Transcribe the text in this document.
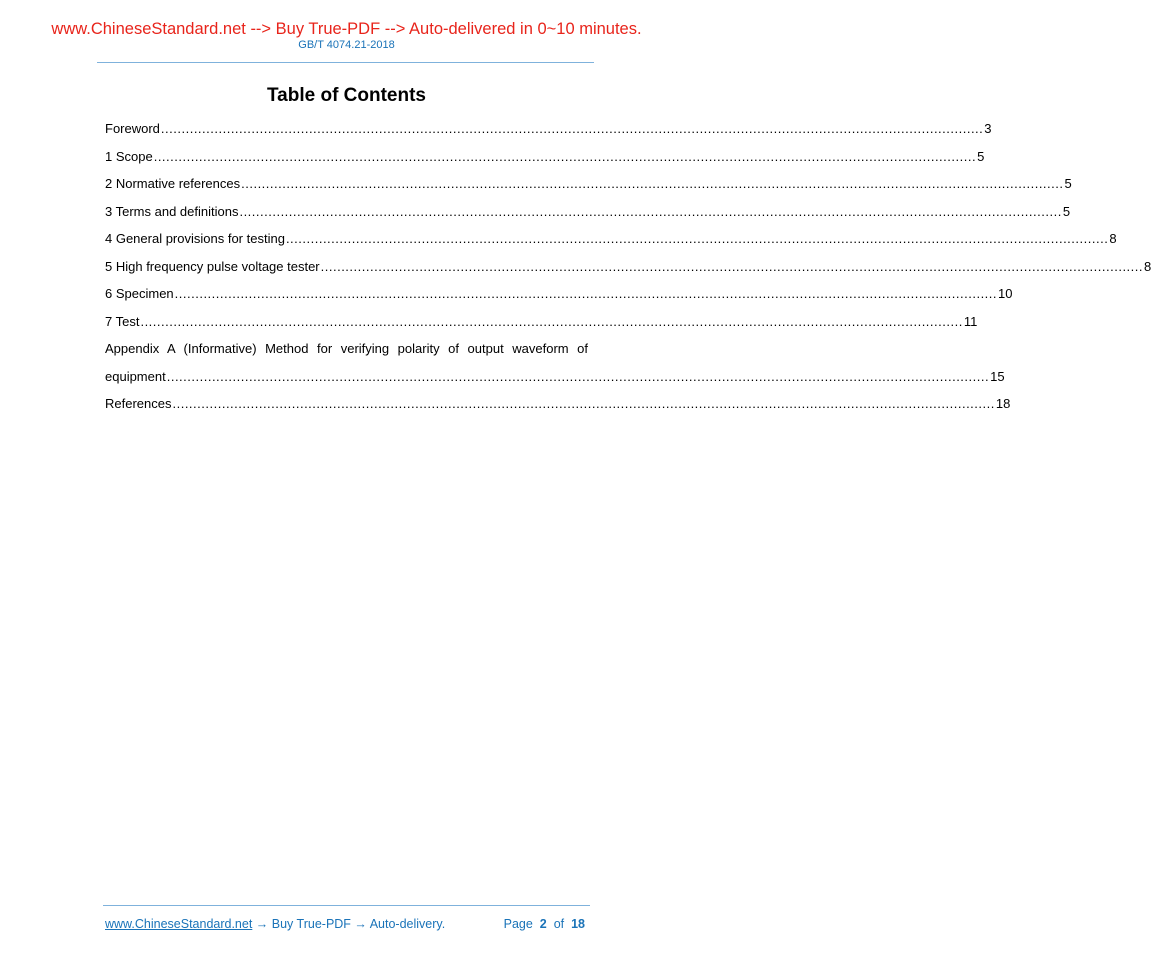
www.ChineseStandard.net --> Buy True-PDF --> Auto-delivered in 0~10 minutes.
GB/T 4074.21-2018
Table of Contents
Foreword ........................................................................................................................................................................................................ 3
1 Scope ........................................................................................................................................................................................................ 5
2 Normative references ........................................................................................................................................................................................................ 5
3 Terms and definitions ........................................................................................................................................................................................................ 5
4 General provisions for testing ........................................................................................................................................................................................................ 8
5 High frequency pulse voltage tester ........................................................................................................................................................................................................ 8
6 Specimen ........................................................................................................................................................................................................ 10
7 Test ........................................................................................................................................................................................................ 11
Appendix A (Informative) Method for verifying polarity of output waveform of
equipment ........................................................................................................................................................................................................ 15
References ........................................................................................................................................................................................................ 18
www.ChineseStandard.net → Buy True-PDF → Auto-delivery.	Page 2 of 18
